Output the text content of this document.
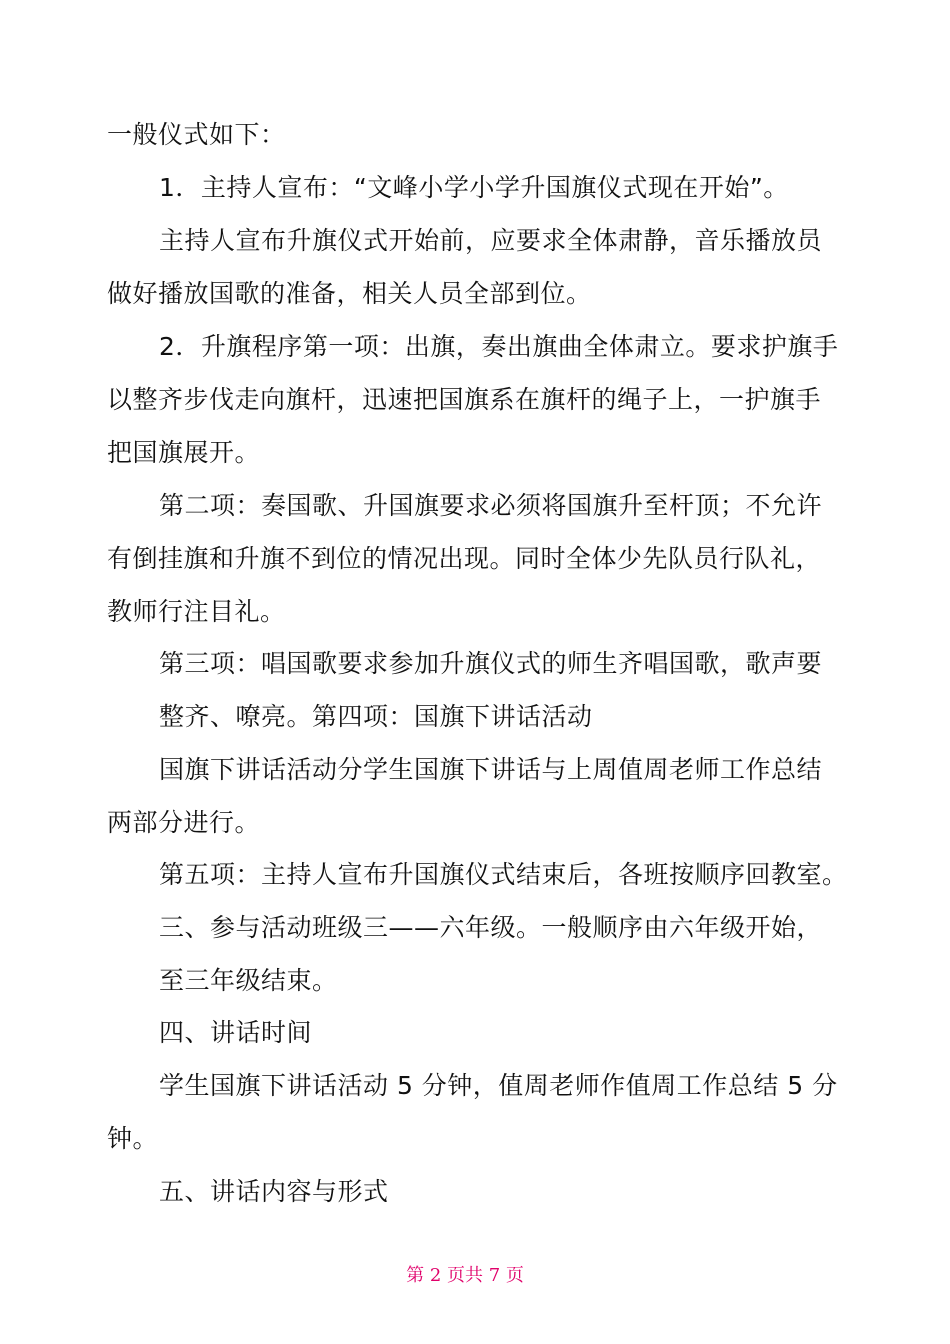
一般仪式如下：
1．主持人宣布：“文峰小学小学升国旗仪式现在开始”。
主持人宣布升旗仪式开始前，应要求全体肃静，音乐播放员
做好播放国歌的准备，相关人员全部到位。
2．升旗程序第一项：出旗，奏出旗曲全体肃立。要求护旗手
以整齐步伐走向旗杆，迅速把国旗系在旗杆的绳子上，一护旗手
把国旗展开。
第二项：奏国歌、升国旗要求必须将国旗升至杆顶；不允许
有倒挂旗和升旗不到位的情况出现。同时全体少先队员行队礼，
教师行注目礼。
第三项：唱国歌要求参加升旗仪式的师生齐唱国歌，歌声要
整齐、嘹亮。第四项：国旗下讲话活动
国旗下讲话活动分学生国旗下讲话与上周值周老师工作总结
两部分进行。
第五项：主持人宣布升国旗仪式结束后，各班按顺序回教室。
三、参与活动班级三——六年级。一般顺序由六年级开始，
至三年级结束。
四、讲话时间
学生国旗下讲话活动 5 分钟，值周老师作值周工作总结 5 分
钟。
五、讲话内容与形式
第 2 页共 7 页
